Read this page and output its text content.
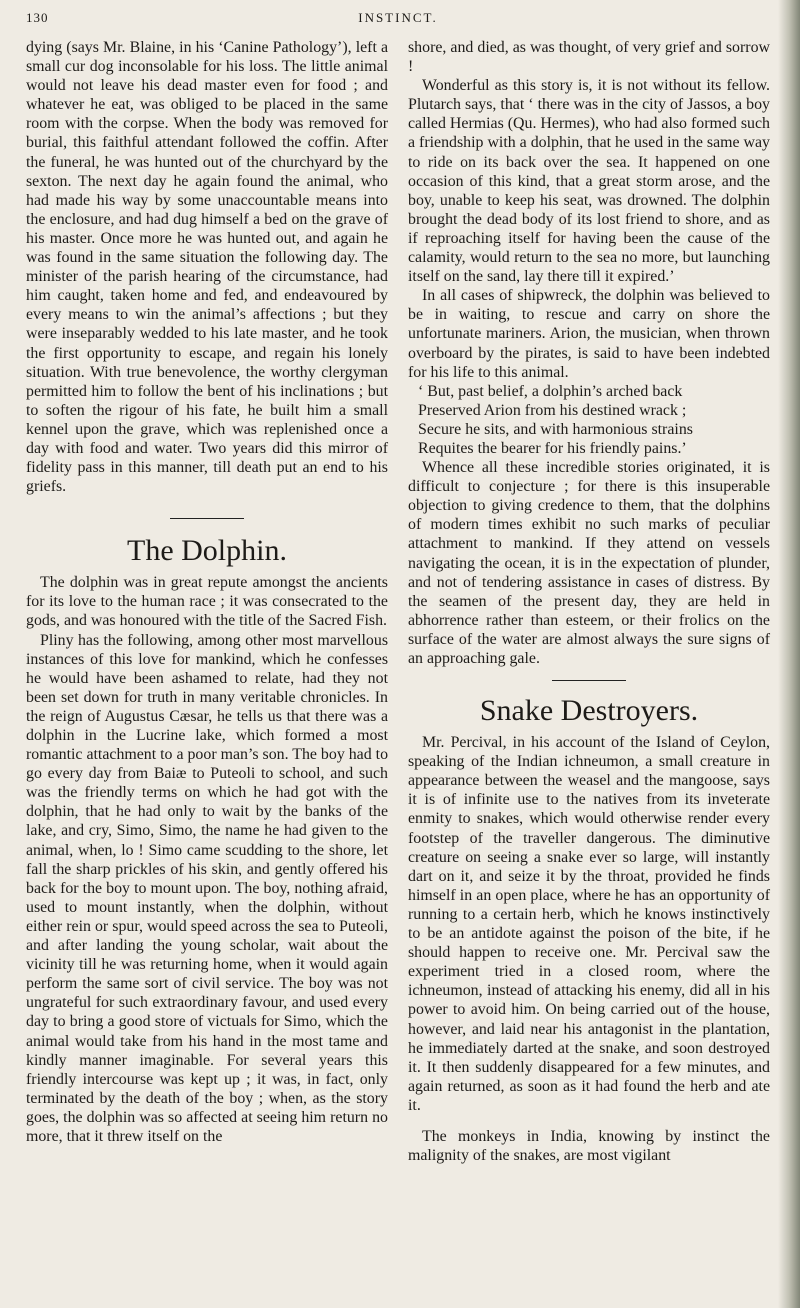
130	INSTINCT.

dying (says Mr. Blaine, in his ‘Canine Pathology’), left a small cur dog inconsolable for his loss. The little animal would not leave his dead master even for food ; and whatever he eat, was obliged to be placed in the same room with the corpse. When the body was removed for burial, this faithful attendant followed the coffin. After the funeral, he was hunted out of the churchyard by the sexton. The next day he again found the animal, who had made his way by some unaccountable means into the enclosure, and had dug himself a bed on the grave of his master. Once more he was hunted out, and again he was found in the same situation the following day. The minister of the parish hearing of the circumstance, had him caught, taken home and fed, and endeavoured by every means to win the animal’s affections ; but they were inseparably wedded to his late master, and he took the first opportunity to escape, and regain his lonely situation. With true benevolence, the worthy clergyman permitted him to follow the bent of his inclinations ; but to soften the rigour of his fate, he built him a small kennel upon the grave, which was replenished once a day with food and water. Two years did this mirror of fidelity pass in this manner, till death put an end to his griefs.

The Dolphin.

The dolphin was in great repute amongst the ancients for its love to the human race ; it was consecrated to the gods, and was honoured with the title of the Sacred Fish.

Pliny has the following, among other most marvellous instances of this love for mankind, which he confesses he would have been ashamed to relate, had they not been set down for truth in many veritable chronicles. In the reign of Augustus Cæsar, he tells us that there was a dolphin in the Lucrine lake, which formed a most romantic attachment to a poor man’s son. The boy had to go every day from Baiæ to Puteoli to school, and such was the friendly terms on which he had got with the dolphin, that he had only to wait by the banks of the lake, and cry, Simo, Simo, the name he had given to the animal, when, lo ! Simo came scudding to the shore, let fall the sharp prickles of his skin, and gently offered his back for the boy to mount upon. The boy, nothing afraid, used to mount instantly, when the dolphin, without either rein or spur, would speed across the sea to Puteoli, and after landing the young scholar, wait about the vicinity till he was returning home, when it would again perform the same sort of civil service. The boy was not ungrateful for such extraordinary favour, and used every day to bring a good store of victuals for Simo, which the animal would take from his hand in the most tame and kindly manner imaginable. For several years this friendly intercourse was kept up ; it was, in fact, only terminated by the death of the boy ; when, as the story goes, the dolphin was so affected at seeing him return no more, that it threw itself on the

shore, and died, as was thought, of very grief and sorrow !

Wonderful as this story is, it is not without its fellow. Plutarch says, that ‘ there was in the city of Jassos, a boy called Hermias (Qu. Hermes), who had also formed such a friendship with a dolphin, that he used in the same way to ride on its back over the sea. It happened on one occasion of this kind, that a great storm arose, and the boy, unable to keep his seat, was drowned. The dolphin brought the dead body of its lost friend to shore, and as if reproaching itself for having been the cause of the calamity, would return to the sea no more, but launching itself on the sand, lay there till it expired.’

In all cases of shipwreck, the dolphin was believed to be in waiting, to rescue and carry on shore the unfortunate mariners. Arion, the musician, when thrown overboard by the pirates, is said to have been indebted for his life to this animal.

‘ But, past belief, a dolphin’s arched back

Preserved Arion from his destined wrack ;

Secure he sits, and with harmonious strains

Requites the bearer for his friendly pains.’

Whence all these incredible stories originated, it is difficult to conjecture ; for there is this insuperable objection to giving credence to them, that the dolphins of modern times exhibit no such marks of peculiar attachment to mankind. If they attend on vessels navigating the ocean, it is in the expectation of plunder, and not of tendering assistance in cases of distress. By the seamen of the present day, they are held in abhorrence rather than esteem, or their frolics on the surface of the water are almost always the sure signs of an approaching gale.

Snake Destroyers.

Mr. Percival, in his account of the Island of Ceylon, speaking of the Indian ichneumon, a small creature in appearance between the weasel and the mangoose, says it is of infinite use to the natives from its inveterate enmity to snakes, which would otherwise render every footstep of the traveller dangerous. The diminutive creature on seeing a snake ever so large, will instantly dart on it, and seize it by the throat, provided he finds himself in an open place, where he has an opportunity of running to a certain herb, which he knows instinctively to be an antidote against the poison of the bite, if he should happen to receive one. Mr. Percival saw the experiment tried in a closed room, where the ichneumon, instead of attacking his enemy, did all in his power to avoid him. On being carried out of the house, however, and laid near his antagonist in the plantation, he immediately darted at the snake, and soon destroyed it. It then suddenly disappeared for a few minutes, and again returned, as soon as it had found the herb and ate it.

The monkeys in India, knowing by instinct the malignity of the snakes, are most vigilant
